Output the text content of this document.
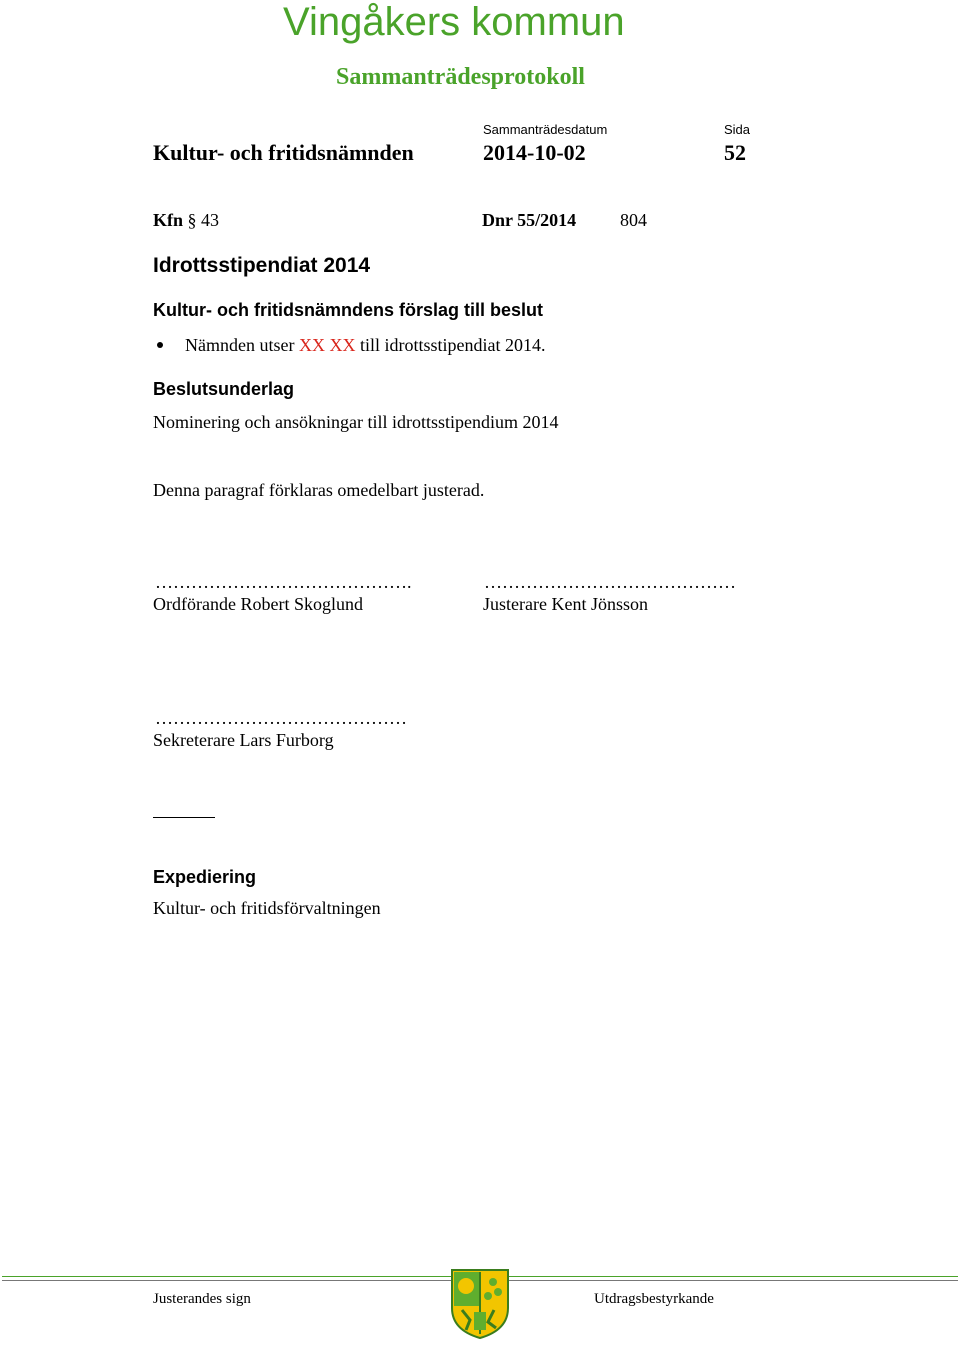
Vingåkers kommun
Sammanträdesprotokoll
Sammanträdesdatum	Sida
Kultur- och fritidsnämnden	2014-10-02	52
Kfn § 43	Dnr 55/2014 804
Idrottsstipendiat 2014
Kultur- och fritidsnämndens förslag till beslut
Nämnden utser XX XX till idrottsstipendiat 2014.
Beslutsunderlag
Nominering och ansökningar till idrottsstipendium 2014
Denna paragraf förklaras omedelbart justerad.
…………………………………….
Ordförande Robert Skoglund
……………………………………
Justerare Kent Jönsson
……………………………………
Sekreterare Lars Furborg
Expediering
Kultur- och fritidsförvaltningen
Justerandes sign	Utdragsbestyrkande
